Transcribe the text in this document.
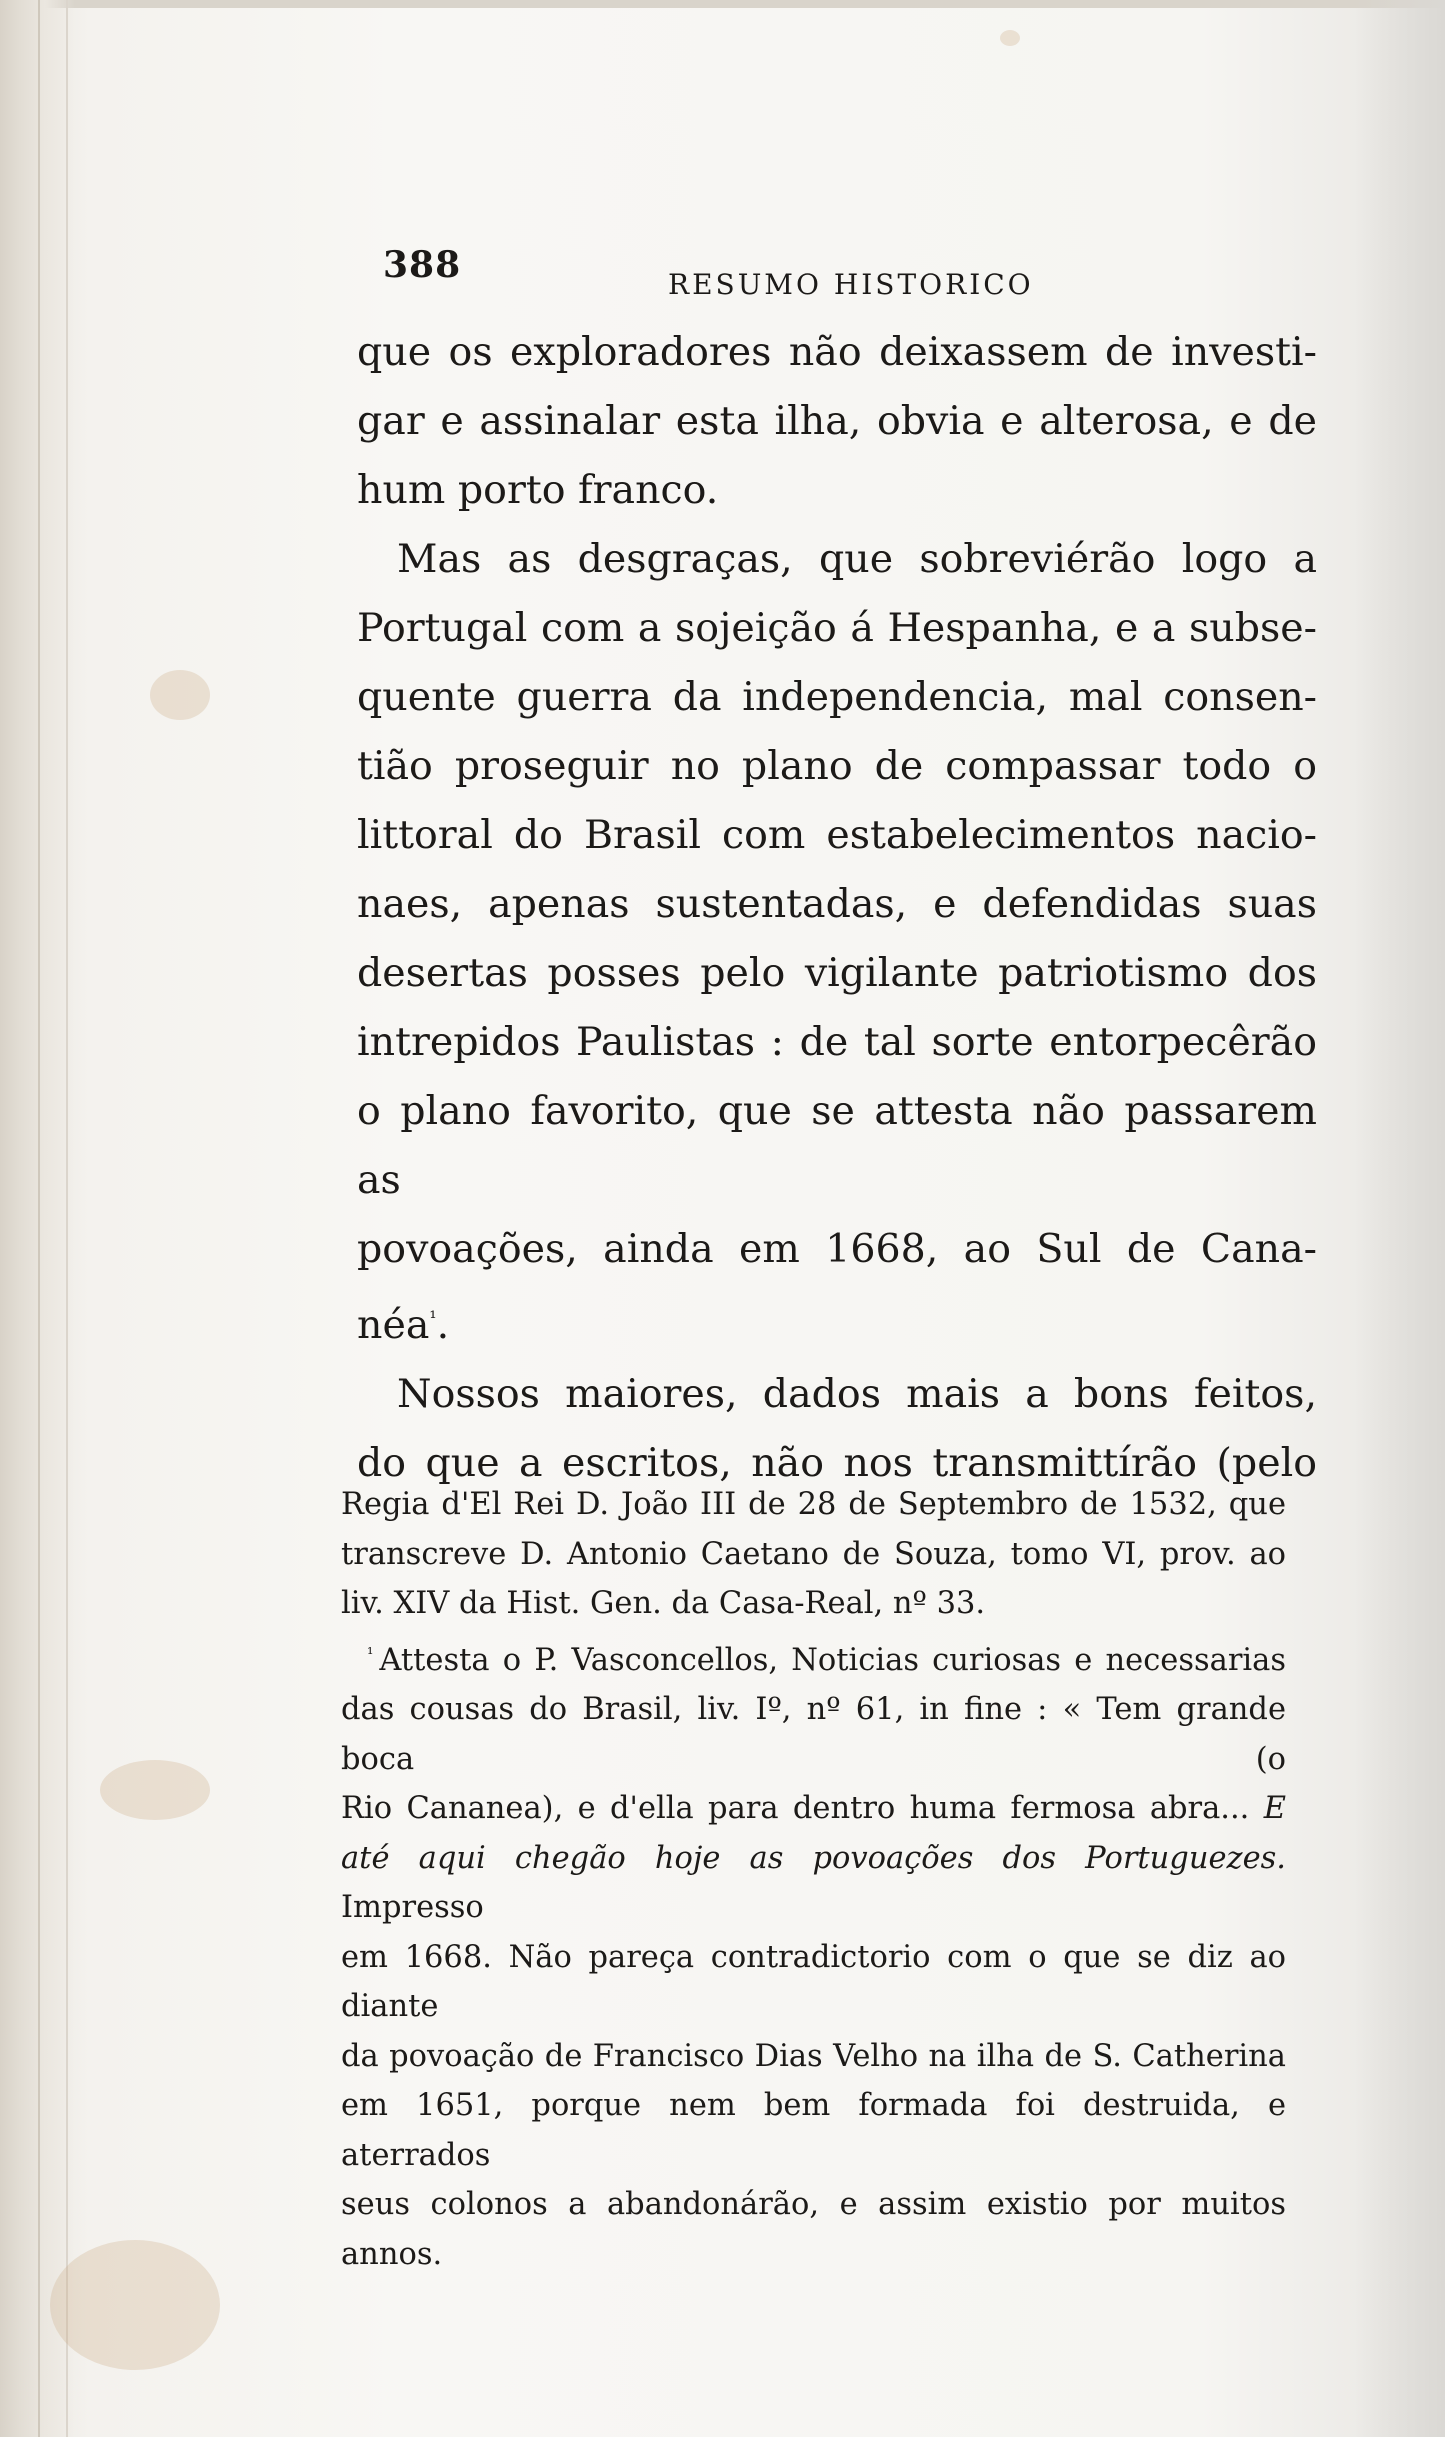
388	RESUMO HISTORICO

que os exploradores não deixassem de investi-

gar e assinalar esta ilha, obvia e alterosa, e de

hum porto franco.

Mas as desgraças, que sobreviérão logo a

Portugal com a sojeição á Hespanha, e a subse-

quente guerra da independencia, mal consen-

tião proseguir no plano de compassar todo o

littoral do Brasil com estabelecimentos nacio-

naes, apenas sustentadas, e defendidas suas

desertas posses pelo vigilante patriotismo dos

intrepidos Paulistas : de tal sorte entorpecêrão

o plano favorito, que se attesta não passarem as

povoações, ainda em 1668, ao Sul de Cana-

néa$^{^1}$.

Nossos maiores, dados mais a bons feitos,

do que a escritos, não nos transmittírão (pelo

Regia d'El Rei D. João III de 28 de Septembro de 1532, que

transcreve D. Antonio Caetano de Souza, tomo VI, prov. ao

liv. XIV da Hist. Gen. da Casa-Real, nº 33.

$^{^1}$ Attesta o P. Vasconcellos, Noticias curiosas e necessarias

das cousas do Brasil, liv. Iº, nº 61, in fine : « Tem grande boca (o

Rio Cananea), e d'ella para dentro huma fermosa abra... E

até aqui chegão hoje as povoações dos Portuguezes. Impresso

em 1668. Não pareça contradictorio com o que se diz ao diante

da povoação de Francisco Dias Velho na ilha de S. Catherina

em 1651, porque nem bem formada foi destruida, e aterrados

seus colonos a abandonárão, e assim existio por muitos annos.
